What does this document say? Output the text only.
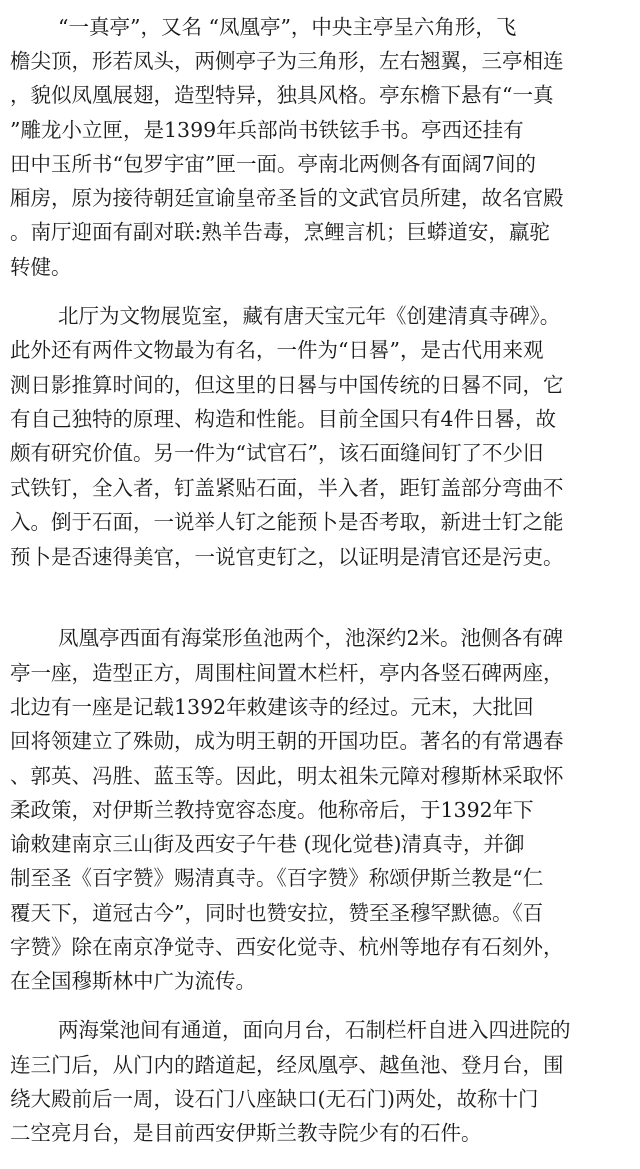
“一真亭”，又名 “凤凰亭”，中央主亭呈六角形，飞
檐尖顶，形若凤头，两侧亭子为三角形，左右翘翼，三亭相连
，貌似凤凰展翅，造型特异，独具风格。亭东檐下悬有“一真
”雕龙小立匣，是1399年兵部尚书铁铉手书。亭西还挂有
田中玉所书“包罗宇宙”匣一面。亭南北两侧各有面阔7间的
厢房，原为接待朝廷宣谕皇帝圣旨的文武官员所建，故名官殿
。南厅迎面有副对联:熟羊告毒，烹鲤言机；巨蟒道安，羸驼
转健。
北厅为文物展览室，藏有唐天宝元年《创建清真寺碑》。
此外还有两件文物最为有名，一件为“日晷”，是古代用来观
测日影推算时间的，但这里的日晷与中国传统的日晷不同，它
有自己独特的原理、构造和性能。目前全国只有4件日晷，故
颇有研究价值。另一件为“试官石”，该石面缝间钉了不少旧
式铁钉，全入者，钉盖紧贴石面，半入者，距钉盖部分弯曲不
入。倒于石面，一说举人钉之能预卜是否考取，新进士钉之能
预卜是否速得美官，一说官吏钉之，以证明是清官还是污吏。
凤凰亭西面有海棠形鱼池两个，池深约2米。池侧各有碑
亭一座，造型正方，周围柱间置木栏杆，亭内各竖石碑两座，
北边有一座是记载1392年敕建该寺的经过。元末，大批回
回将领建立了殊勋，成为明王朝的开国功臣。著名的有常遇春
、郭英、冯胜、蓝玉等。因此，明太祖朱元障对穆斯林采取怀
柔政策，对伊斯兰教持宽容态度。他称帝后，于1392年下
谕敕建南京三山街及西安子午巷 (现化觉巷)清真寺，并御
制至圣《百字赞》赐清真寺。《百字赞》称颂伊斯兰教是“仁
覆天下，道冠古今”，同时也赞安拉，赞至圣穆罕默德。《百
字赞》除在南京净觉寺、西安化觉寺、杭州等地存有石刻外，
在全国穆斯林中广为流传。
两海棠池间有通道，面向月台，石制栏杆自进入四进院的
连三门后，从门内的踏道起，经凤凰亭、越鱼池、登月台，围
绕大殿前后一周，设石门八座缺口(无石门)两处，故称十门
二空亮月台，是目前西安伊斯兰教寺院少有的石件。
